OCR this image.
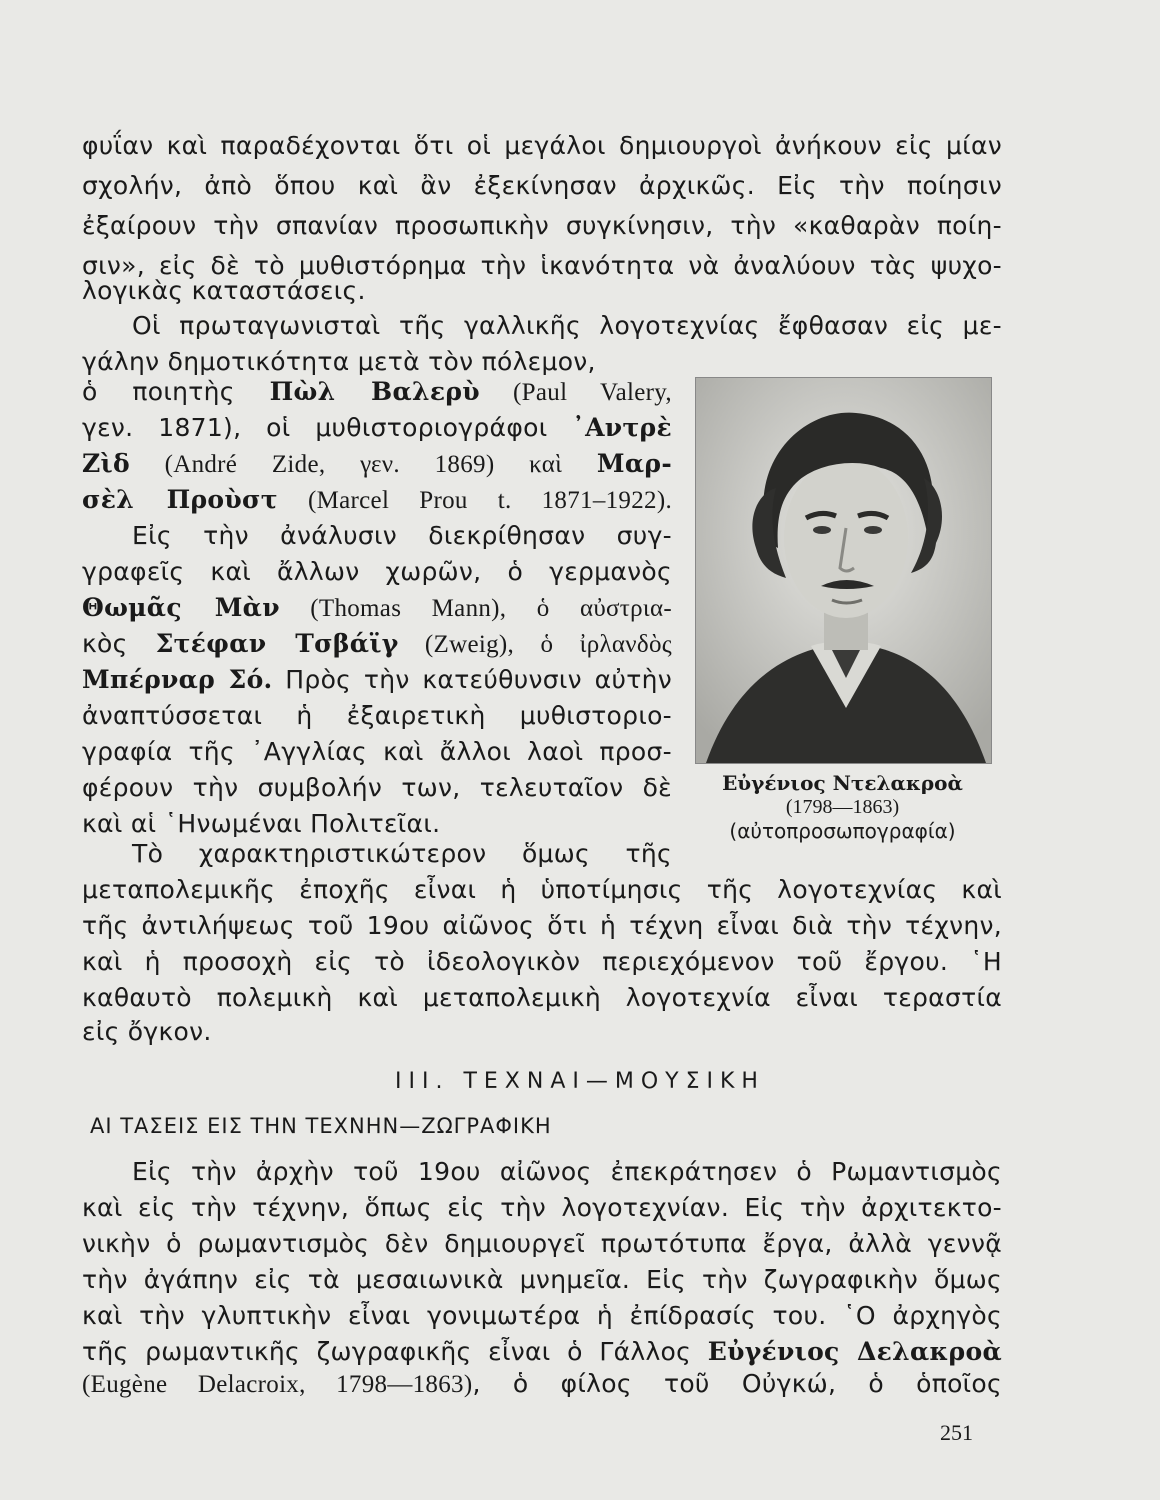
φυΐαν καὶ παραδέχονται ὅτι οἱ μεγάλοι δημιουργοὶ ἀνήκουν εἰς μίαν
σχολήν, ἀπὸ ὅπου καὶ ἂν ἐξεκίνησαν ἀρχικῶς. Εἰς τὴν ποίησιν
ἐξαίρουν τὴν σπανίαν προσωπικὴν συγκίνησιν, τὴν «καθαρὰν ποίη-
σιν», εἰς δὲ τὸ μυθιστόρημα τὴν ἱκανότητα νὰ ἀναλύουν τὰς ψυχο-
λογικὰς καταστάσεις.
Οἱ πρωταγωνισταὶ τῆς γαλλικῆς λογοτεχνίας ἔφθασαν εἰς με-
γάλην δημοτικότητα μετὰ τὸν πόλεμον,
ὁ ποιητὴς Πὼλ Βαλερὺ (Paul Valery,
γεν. 1871), οἱ μυθιστοριογράφοι ᾿Αντρὲ
Ζὶδ (André Zide, γεν. 1869) καὶ Μαρ-
σὲλ Προὺστ (Marcel Prou t. 1871–1922).
Εἰς τὴν ἀνάλυσιν διεκρίθησαν συγ-
γραφεῖς καὶ ἄλλων χωρῶν, ὁ γερμανὸς
Θωμᾶς Μὰν (Thomas Mann), ὁ αὐστρια-
κὸς Στέφαν Τσβάϊγ (Zweig), ὁ ἰρλανδὸς
Μπέρναρ Σό. Πρὸς τὴν κατεύθυνσιν αὐτὴν
ἀναπτύσσεται ἡ ἐξαιρετικὴ μυθιστοριο-
γραφία τῆς ᾿Αγγλίας καὶ ἄλλοι λαοὶ προσ-
φέρουν τὴν συμβολήν των, τελευταῖον δὲ
καὶ αἱ ῾Ηνωμέναι Πολιτεῖαι.
Τὸ χαρακτηριστικώτερον ὅμως τῆς
μεταπολεμικῆς ἐποχῆς εἶναι ἡ ὑποτίμησις τῆς λογοτεχνίας καὶ
τῆς ἀντιλήψεως τοῦ 19ου αἰῶνος ὅτι ἡ τέχνη εἶναι διὰ τὴν τέχνην,
καὶ ἡ προσοχὴ εἰς τὸ ἰδεολογικὸν περιεχόμενον τοῦ ἔργου. ῾Η
καθαυτὸ πολεμικὴ καὶ μεταπολεμικὴ λογοτεχνία εἶναι τεραστία
εἰς ὄγκον.
III. ΤΕΧΝΑΙ—ΜΟΥΣΙΚΗ
ΑΙ ΤΑΣΕΙΣ ΕΙΣ ΤΗΝ ΤΕΧΝΗΝ—ΖΩΓΡΑΦΙΚΗ
Εἰς τὴν ἀρχὴν τοῦ 19ου αἰῶνος ἐπεκράτησεν ὁ Ρωμαντισμὸς
καὶ εἰς τὴν τέχνην, ὅπως εἰς τὴν λογοτεχνίαν. Εἰς τὴν ἀρχιτεκτο-
νικὴν ὁ ρωμαντισμὸς δὲν δημιουργεῖ πρωτότυπα ἔργα, ἀλλὰ γεννᾷ
τὴν ἀγάπην εἰς τὰ μεσαιωνικὰ μνημεῖα. Εἰς τὴν ζωγραφικὴν ὅμως
καὶ τὴν γλυπτικὴν εἶναι γονιμωτέρα ἡ ἐπίδρασίς του. ῾Ο ἀρχηγὸς
τῆς ρωμαντικῆς ζωγραφικῆς εἶναι ὁ Γάλλος Εὐγένιος Δελακροὰ
(Eugène Delacroix, 1798—1863), ὁ φίλος τοῦ Οὐγκώ, ὁ ὁποῖος
Εὐγένιος Ντελακροὰ
(1798—1863)
(αὐτοπροσωπογραφία)
251
